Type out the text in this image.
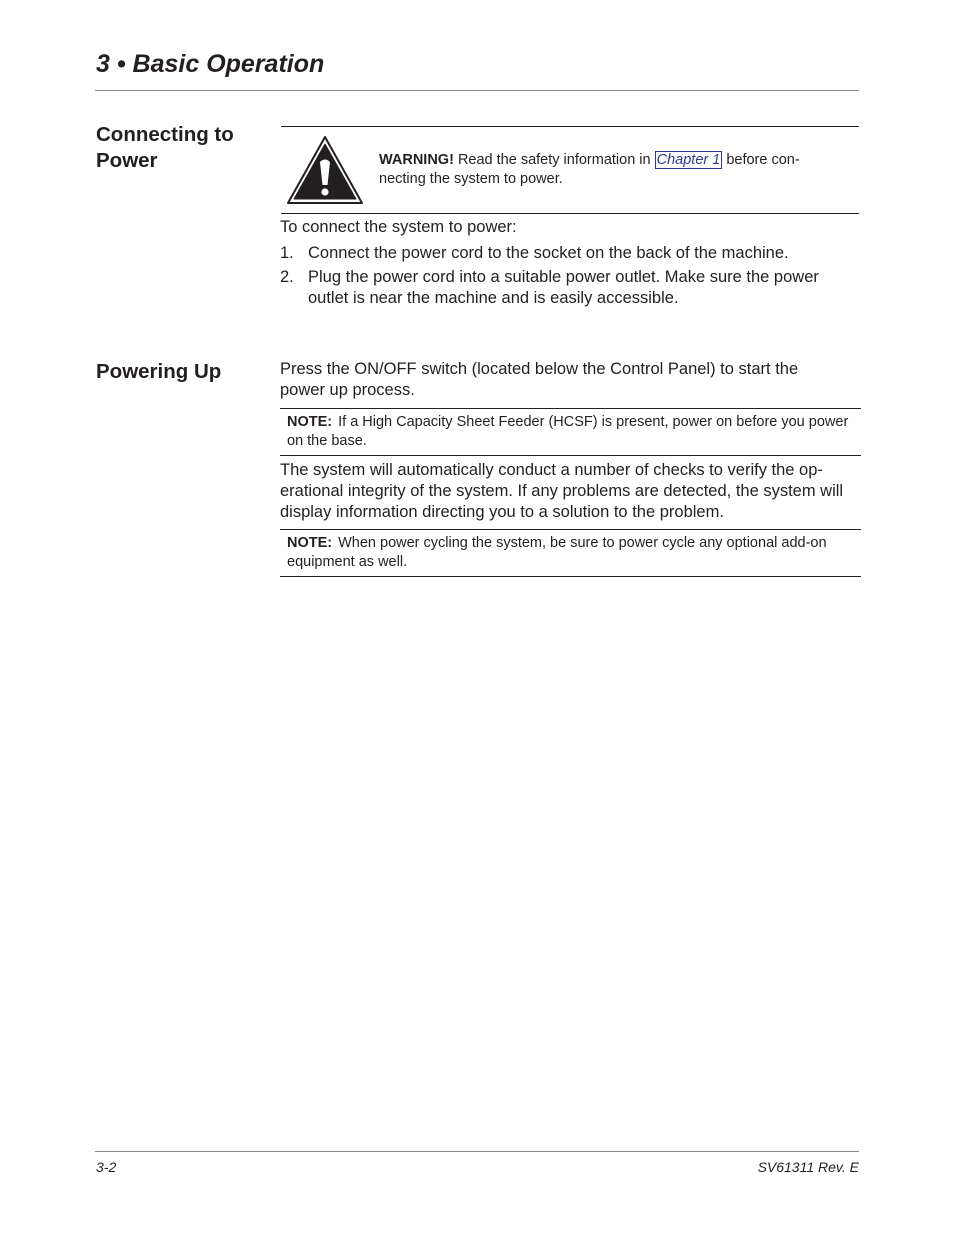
3 • Basic Operation
Connecting to Power	WARNING! Read the safety information in Chapter 1 before con-necting the system to power.
To connect the system to power:
1. Connect the power cord to the socket on the back of the machine.
2. Plug the power cord into a suitable power outlet. Make sure the power outlet is near the machine and is easily accessible.
Powering Up	Press the ON/OFF switch (located below the Control Panel) to start the power up process.
NOTE: If a High Capacity Sheet Feeder (HCSF) is present, power on before you power on the base.
The system will automatically conduct a number of checks to verify the op-erational integrity of the system. If any problems are detected, the system will display information directing you to a solution to the problem.
NOTE: When power cycling the system, be sure to power cycle any optional add-on equipment as well.
3-2	SV61311 Rev. E
